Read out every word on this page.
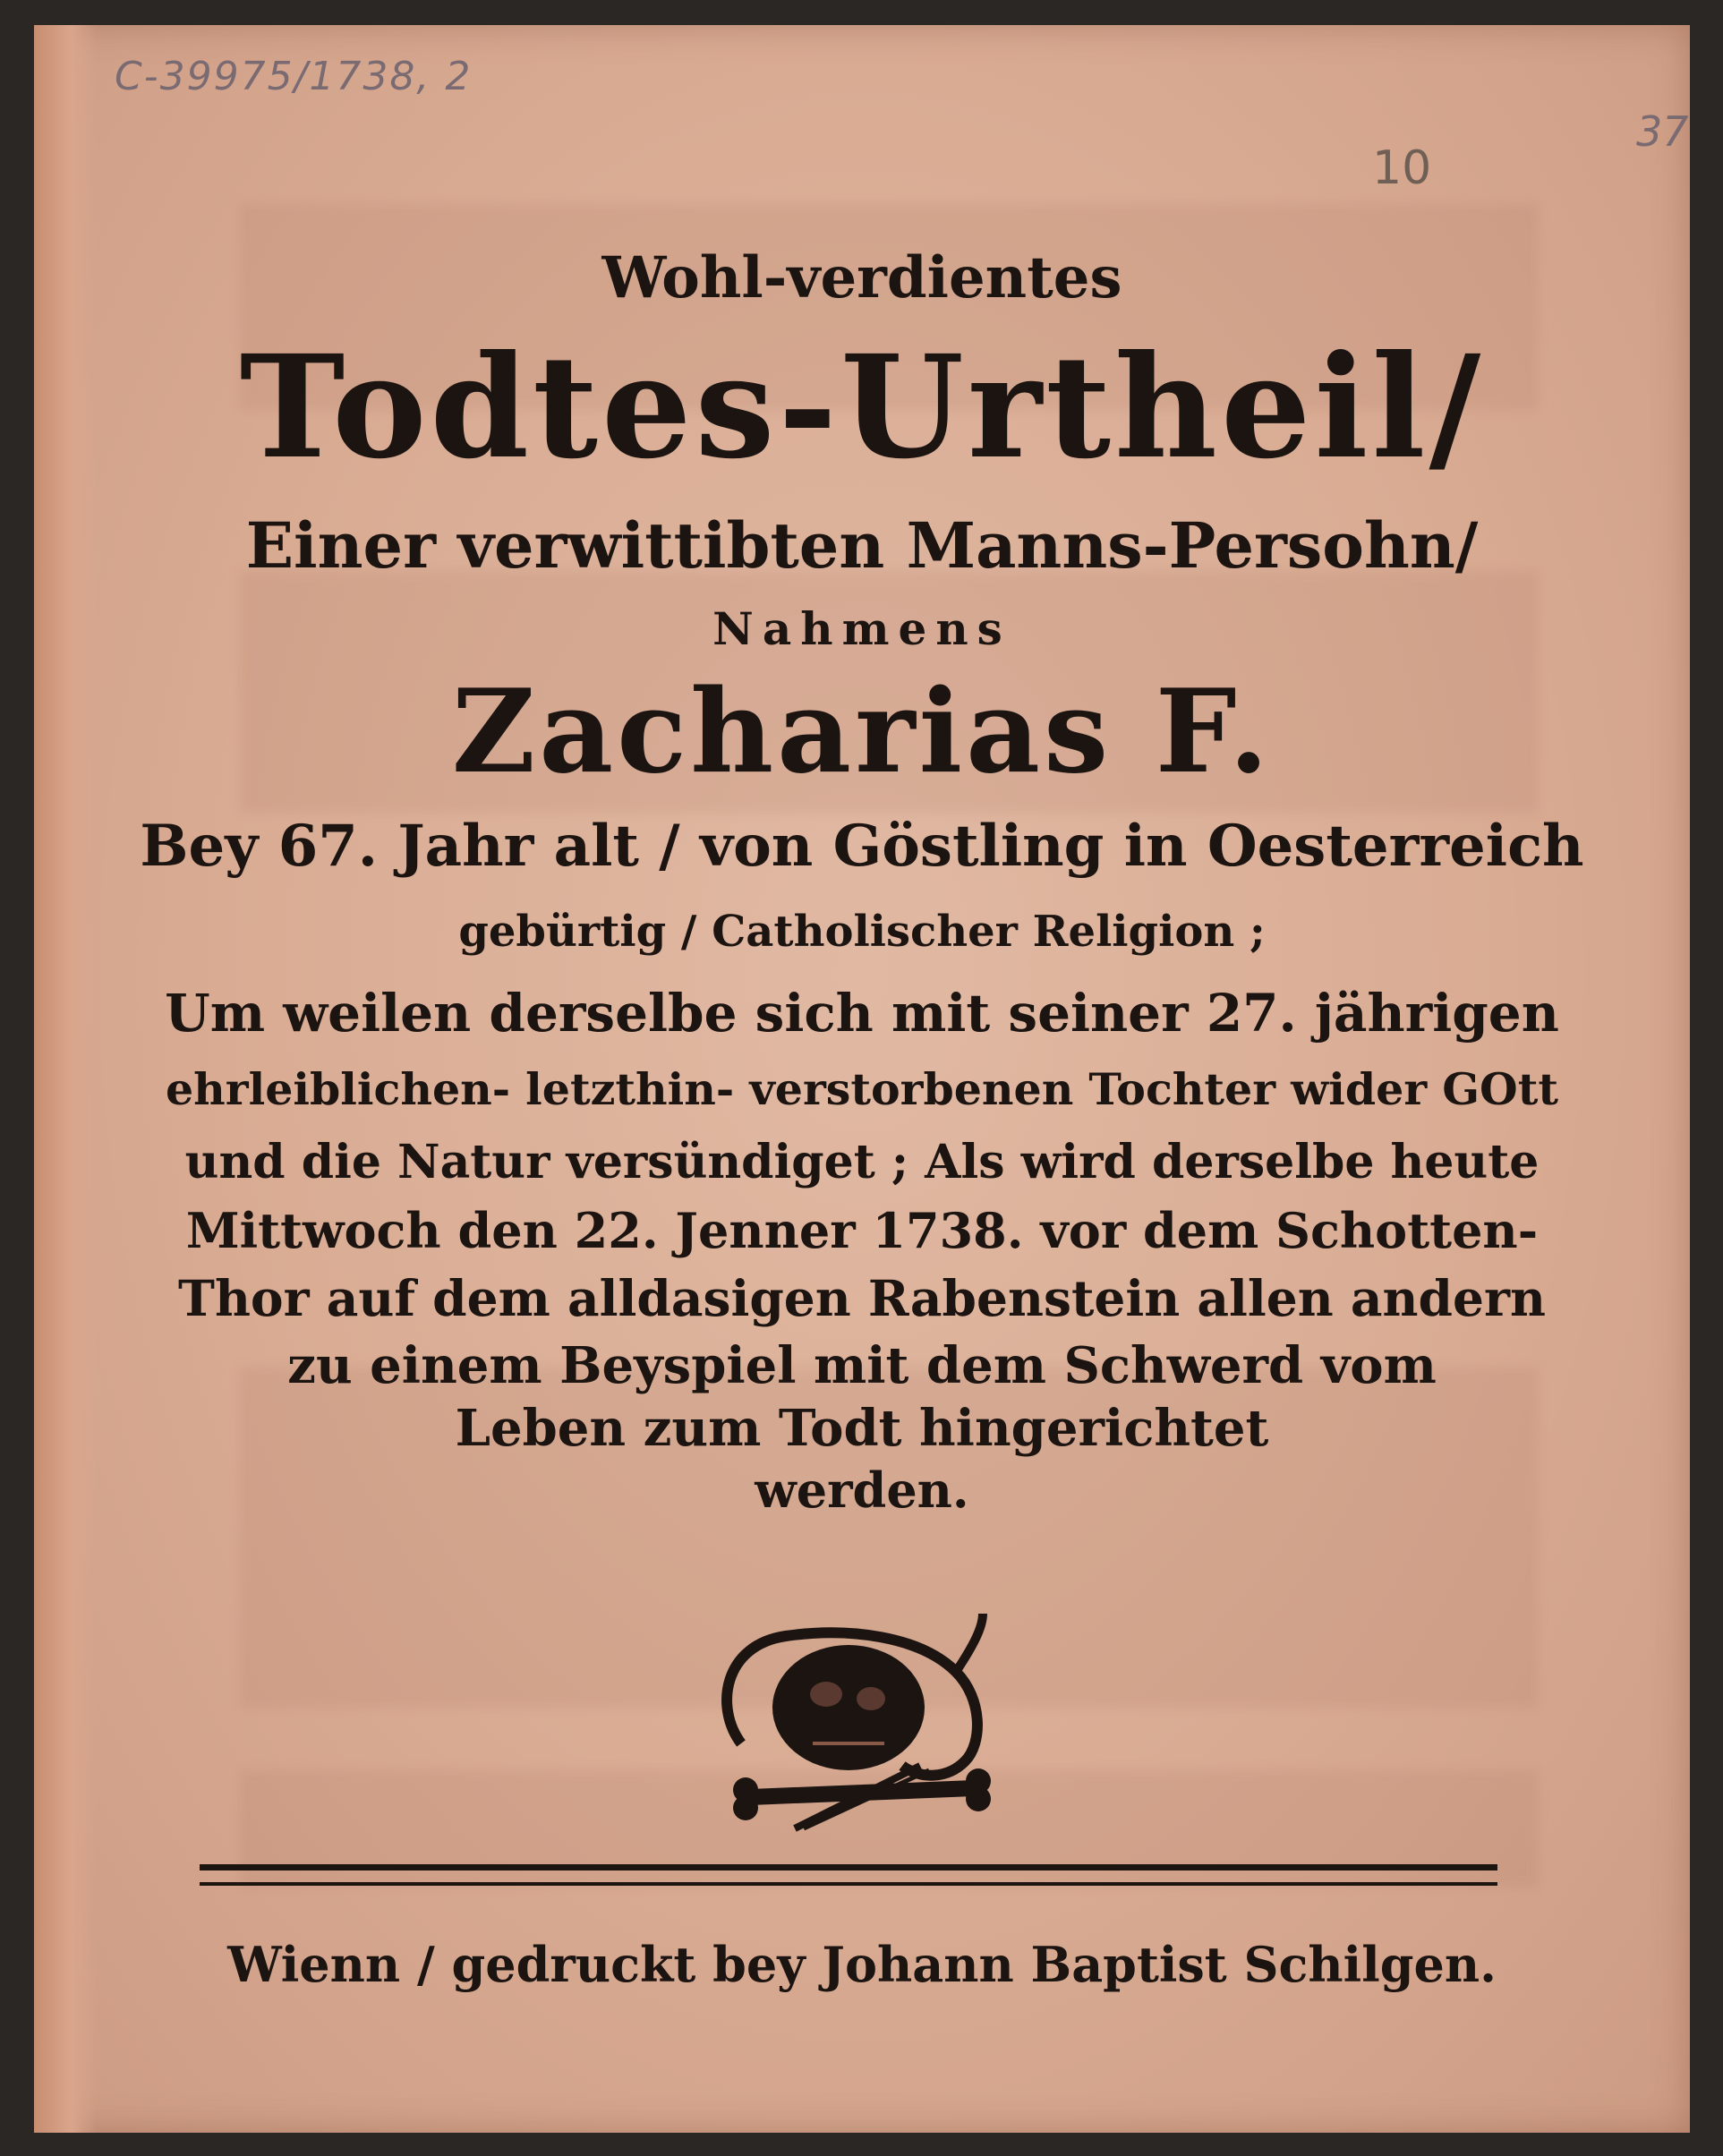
C-39975/1738, 2
10
37
Wohl-verdientes
Todtes-Urtheil/
Einer verwittibten Manns-Persohn/
Nahmens
Zacharias F.
Bey 67. Jahr alt / von Göstling in Oesterreich
gebürtig / Catholischer Religion ;
Um weilen derselbe sich mit seiner 27. jährigen
ehrleiblichen- letzthin- verstorbenen Tochter wider GOtt
und die Natur versündiget ; Als wird derselbe heute
Mittwoch den 22. Jenner 1738. vor dem Schotten-
Thor auf dem alldasigen Rabenstein allen andern
zu einem Beyspiel mit dem Schwerd vom
Leben zum Todt hingerichtet
werden.
Wienn / gedruckt bey Johann Baptist Schilgen.
